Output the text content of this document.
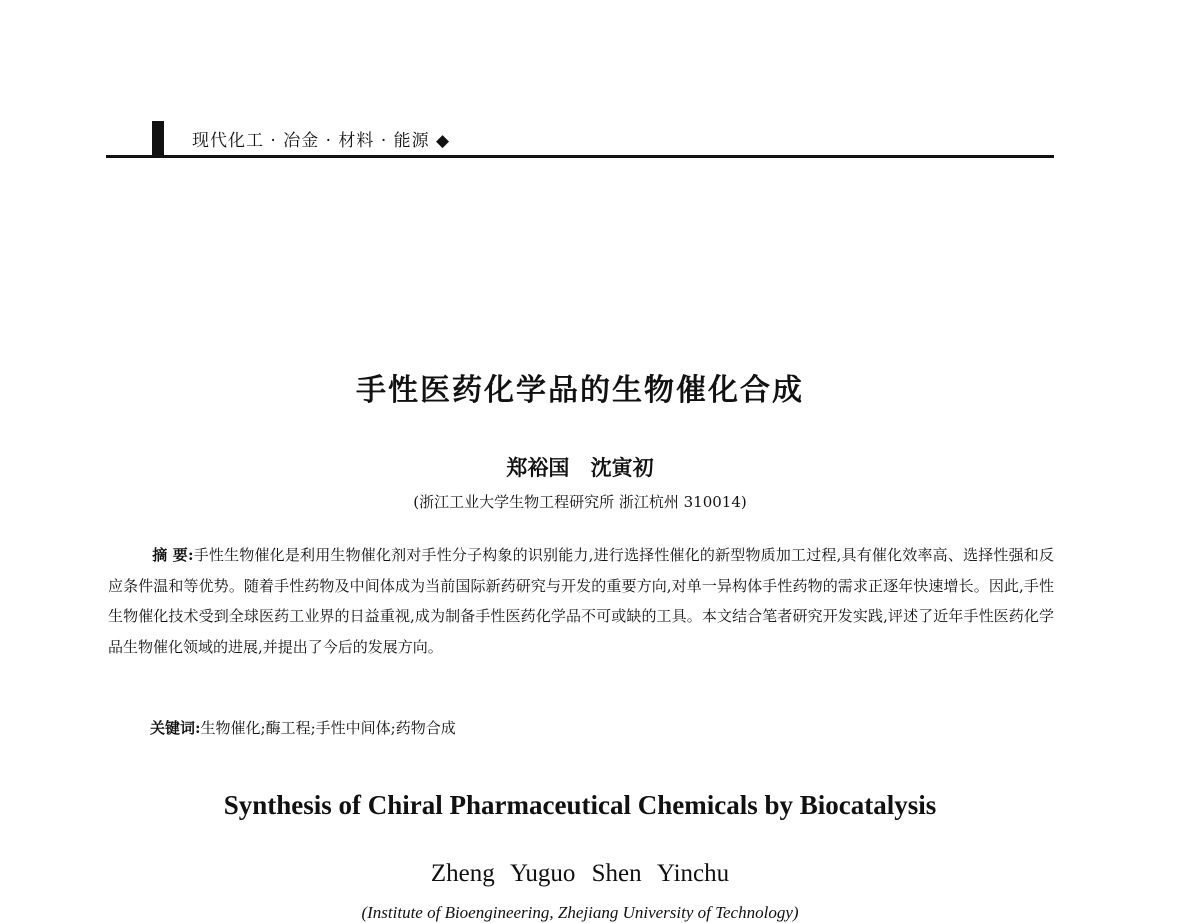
现代化工 · 冶金 · 材料 · 能源 ◆
手性医药化学品的生物催化合成
郑裕国 沈寅初
(浙江工业大学生物工程研究所 浙江杭州 310014)

摘 要:手性生物催化是利用生物催化剂对手性分子构象的识别能力,进行选择性催化的新型物质加工过程,具有催化效率高、选择性强和反应条件温和等优势。随着手性药物及中间体成为当前国际新药研究与开发的重要方向,对单一异构体手性药物的需求正逐年快速增长。因此,手性生物催化技术受到全球医药工业界的日益重视,成为制备手性医药化学品不可或缺的工具。本文结合笔者研究开发实践,评述了近年手性医药化学品生物催化领域的进展,并提出了今后的发展方向。

关键词:生物催化;酶工程;手性中间体;药物合成
Synthesis of Chiral Pharmaceutical Chemicals by Biocatalysis
Zheng Yuguo Shen Yinchu
(Institute of Bioengineering, Zhejiang University of Technology)
